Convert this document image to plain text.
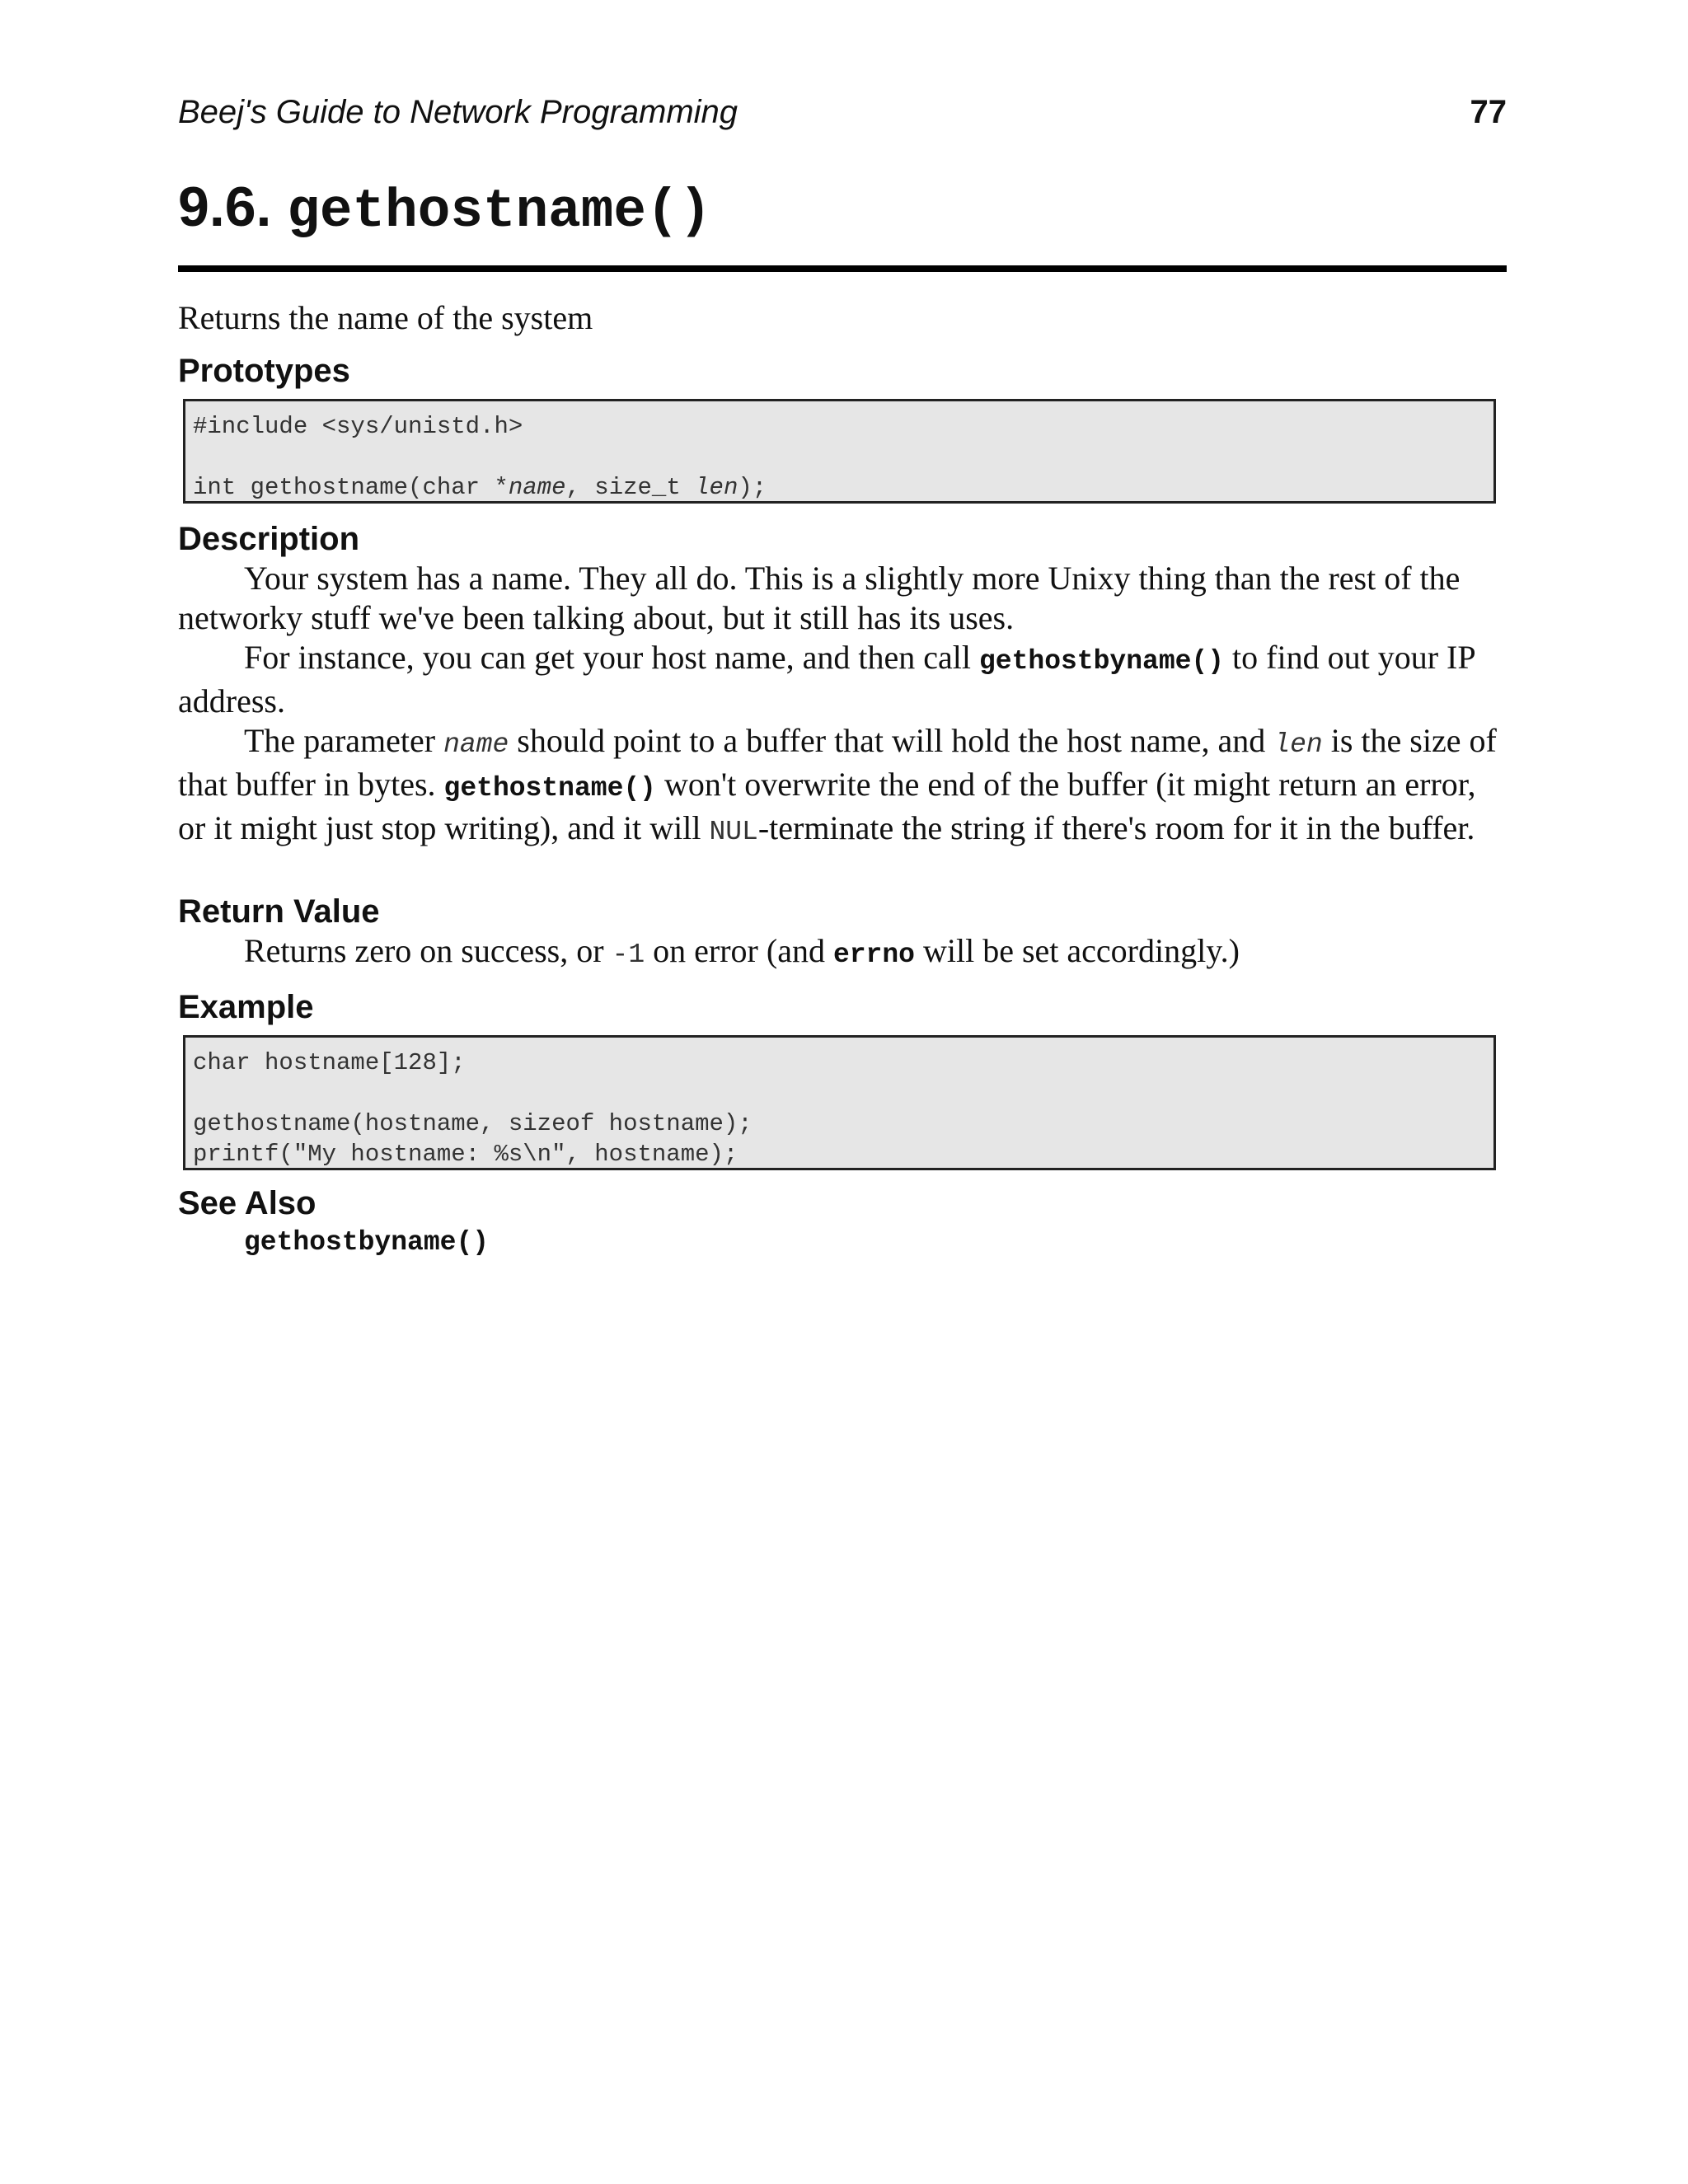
Beej's Guide to Network Programming	77
9.6. gethostname()
Returns the name of the system
Prototypes
#include <sys/unistd.h>
int gethostname(char *name, size_t len);
Description

Your system has a name. They all do. This is a slightly more Unixy thing than the rest of the networky stuff we've been talking about, but it still has its uses.

For instance, you can get your host name, and then call gethostbyname() to find out your IP address.

The parameter name should point to a buffer that will hold the host name, and len is the size of that buffer in bytes. gethostname() won't overwrite the end of the buffer (it might return an error, or it might just stop writing), and it will NUL-terminate the string if there's room for it in the buffer.

Return Value

Returns zero on success, or -1 on error (and errno will be set accordingly.)

Example
char hostname[128];
gethostname(hostname, sizeof hostname);
printf("My hostname: %s\n", hostname);
See Also
gethostbyname()
